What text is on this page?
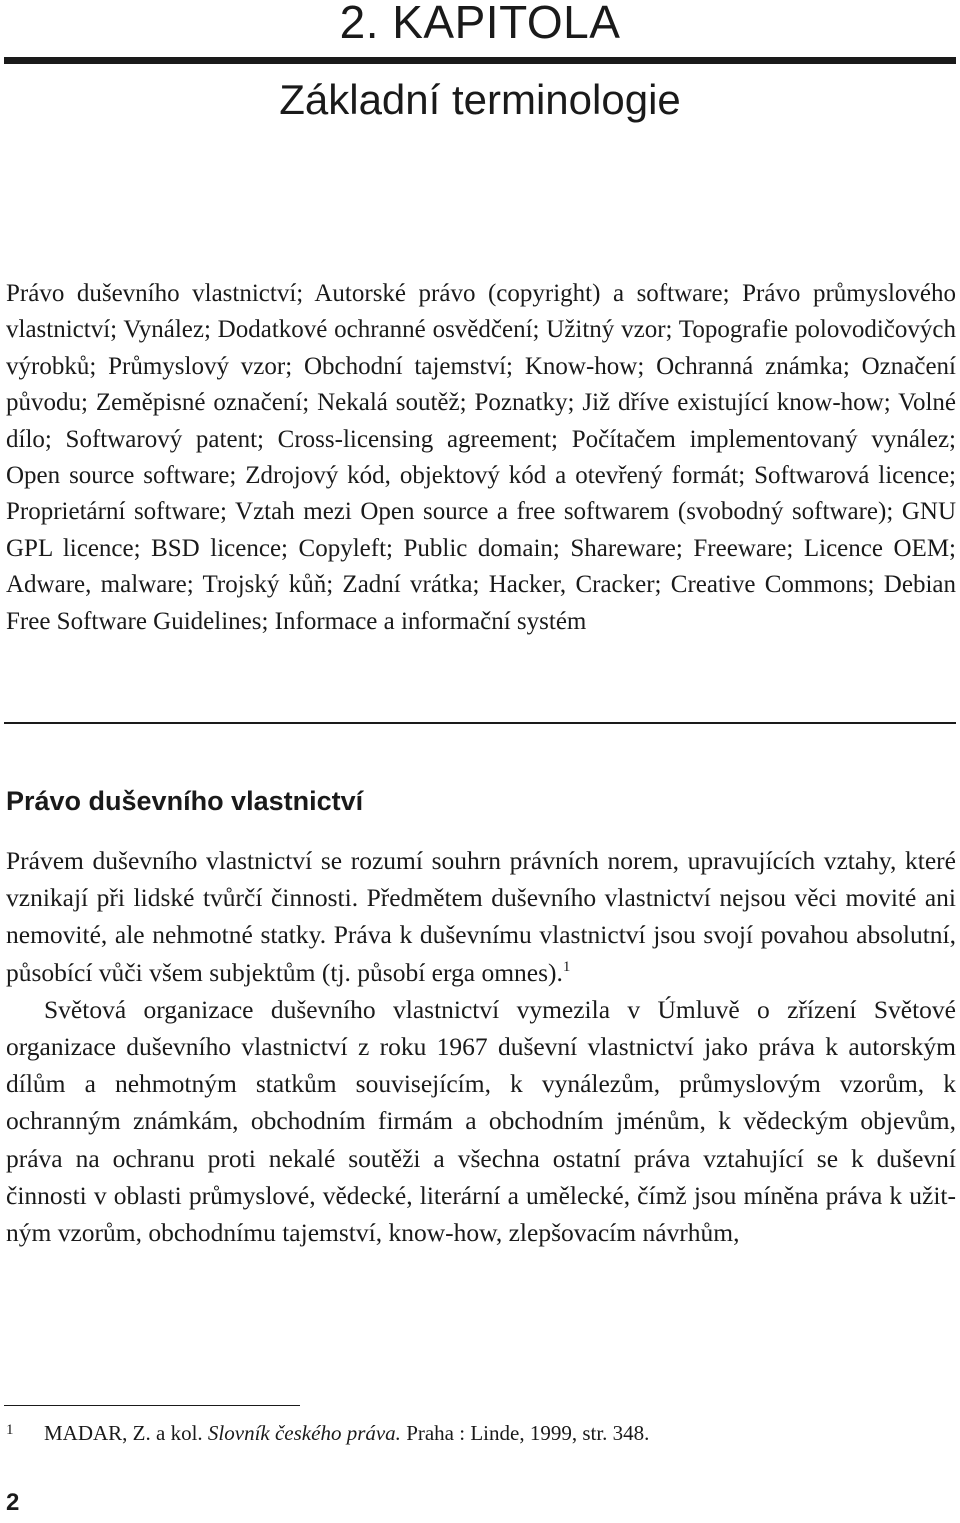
2. KAPITOLA
Základní terminologie

Právo duševního vlastnictví; Autorské právo (copyright) a software; Právo průmyslového vlastnictví; Vynález; Dodatkové ochranné osvědčení; Užitný vzor; Topografie polovodičových výrobků; Průmyslový vzor; Obchodní tajemství; Know-how; Ochranná známka; Označení původu; Zeměpisné označení; Nekalá soutěž; Poznatky; Již dříve existující know-how; Volné dílo; Softwarový patent; Cross-licensing agreement; Počítačem implementovaný vynález; Open source software; Zdrojový kód, objektový kód a otevřený formát; Softwarová licence; Proprietární software; Vztah mezi Open source a free softwarem (svobodný software); GNU GPL licence; BSD licence; Copyleft; Public domain; Shareware; Freeware; Licence OEM; Adware, malware; Trojský kůň; Zadní vrátka; Hacker, Cracker; Creative Commons; Debian Free Software Guidelines; Informace a informační systém

Právo duševního vlastnictví

Právem duševního vlastnictví se rozumí souhrn právních norem, upravujících vztahy, které vznikají při lidské tvůrčí činnosti. Předmětem duševního vlastnictví nejsou věci movité ani nemovité, ale nehmotné statky. Práva k duševnímu vlastnictví jsou svojí povahou absolutní, působící vůči všem subjektům (tj. působí erga omnes).$^1$

Světová organizace duševního vlastnictví vymezila v Úmluvě o zřízení Světové organizace duševního vlastnictví z roku 1967 duševní vlastnictví jako práva k autorským dílům a nehmotným statkům souvisejícím, k vynálezům, průmyslovým vzorům, k ochranným známkám, obchodním firmám a obchodním jménům, k vědeckým objevům, práva na ochranu proti nekalé soutěži a všechna ostatní práva vztahující se k duševní činnosti v oblasti průmyslové, vědecké, literární a umělecké, čímž jsou míněna práva k užitným vzorům, obchodnímu tajemství, know-how, zlepšovacím návrhům,

1 MADAR, Z. a kol. Slovník českého práva. Praha : Linde, 1999, str. 348.
2
